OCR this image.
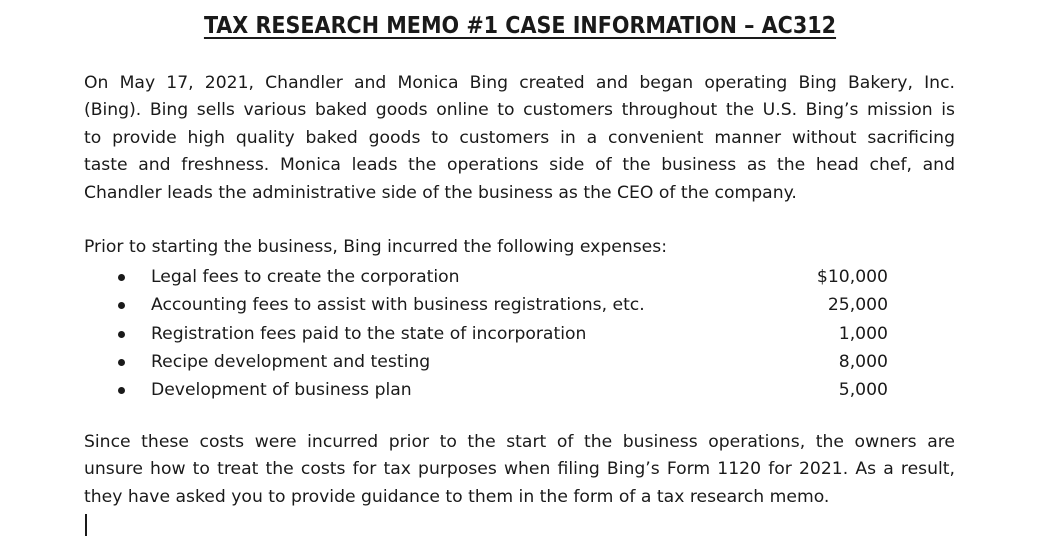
TAX RESEARCH MEMO #1 CASE INFORMATION – AC312

On May 17, 2021, Chandler and Monica Bing created and began operating Bing Bakery, Inc.
(Bing). Bing sells various baked goods online to customers throughout the U.S. Bing’s mission is
to provide high quality baked goods to customers in a convenient manner without sacrificing
taste and freshness. Monica leads the operations side of the business as the head chef, and
Chandler leads the administrative side of the business as the CEO of the company.

Prior to starting the business, Bing incurred the following expenses:
Legal fees to create the corporation	$10,000
Accounting fees to assist with business registrations, etc.	25,000
Registration fees paid to the state of incorporation	1,000
Recipe development and testing	8,000
Development of business plan	5,000

Since these costs were incurred prior to the start of the business operations, the owners are
unsure how to treat the costs for tax purposes when filing Bing’s Form 1120 for 2021. As a result,
they have asked you to provide guidance to them in the form of a tax research memo.
